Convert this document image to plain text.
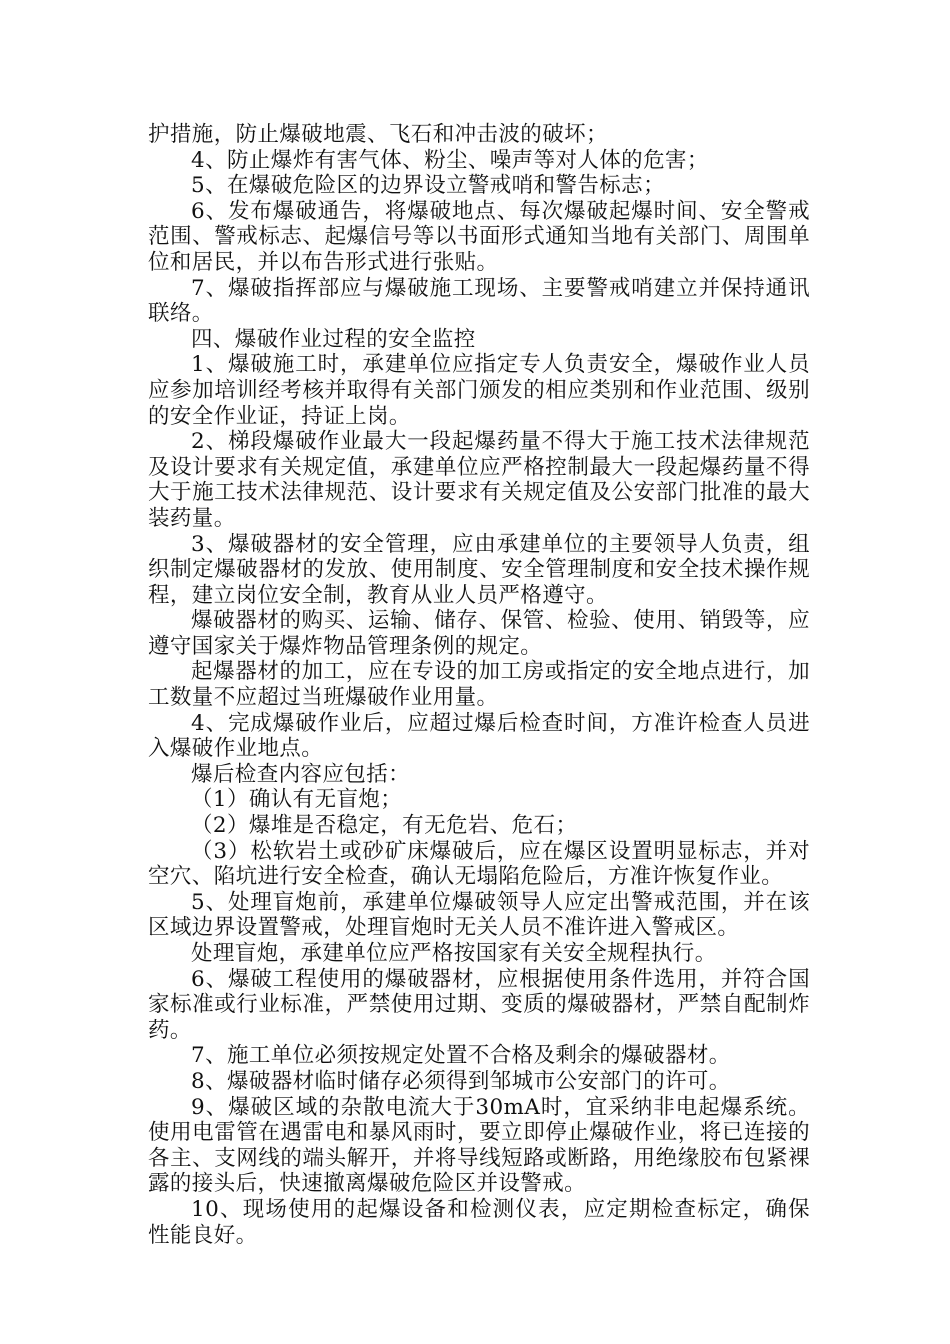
护措施，防止爆破地震、飞石和冲击波的破坏；

4、防止爆炸有害气体、粉尘、噪声等对人体的危害；

5、在爆破危险区的边界设立警戒哨和警告标志；

6、发布爆破通告，将爆破地点、每次爆破起爆时间、安全警戒范围、警戒标志、起爆信号等以书面形式通知当地有关部门、周围单位和居民，并以布告形式进行张贴。

7、爆破指挥部应与爆破施工现场、主要警戒哨建立并保持通讯联络。

四、爆破作业过程的安全监控

1、爆破施工时，承建单位应指定专人负责安全，爆破作业人员应参加培训经考核并取得有关部门颁发的相应类别和作业范围、级别的安全作业证，持证上岗。

2、梯段爆破作业最大一段起爆药量不得大于施工技术法律规范及设计要求有关规定值，承建单位应严格控制最大一段起爆药量不得大于施工技术法律规范、设计要求有关规定值及公安部门批准的最大装药量。

3、爆破器材的安全管理，应由承建单位的主要领导人负责，组织制定爆破器材的发放、使用制度、安全管理制度和安全技术操作规程，建立岗位安全制，教育从业人员严格遵守。

爆破器材的购买、运输、储存、保管、检验、使用、销毁等，应遵守国家关于爆炸物品管理条例的规定。

起爆器材的加工，应在专设的加工房或指定的安全地点进行，加工数量不应超过当班爆破作业用量。

4、完成爆破作业后，应超过爆后检查时间，方准许检查人员进入爆破作业地点。

爆后检查内容应包括：

（1）确认有无盲炮；

（2）爆堆是否稳定，有无危岩、危石；

（3）松软岩土或砂矿床爆破后，应在爆区设置明显标志，并对空穴、陷坑进行安全检查，确认无塌陷危险后，方准许恢复作业。

5、处理盲炮前，承建单位爆破领导人应定出警戒范围，并在该区域边界设置警戒，处理盲炮时无关人员不准许进入警戒区。

处理盲炮，承建单位应严格按国家有关安全规程执行。

6、爆破工程使用的爆破器材，应根据使用条件选用，并符合国家标准或行业标准，严禁使用过期、变质的爆破器材，严禁自配制炸药。

7、施工单位必须按规定处置不合格及剩余的爆破器材。

8、爆破器材临时储存必须得到邹城市公安部门的许可。

9、爆破区域的杂散电流大于30mA时，宜采纳非电起爆系统。使用电雷管在遇雷电和暴风雨时，要立即停止爆破作业，将已连接的各主、支网线的端头解开，并将导线短路或断路，用绝缘胶布包紧裸露的接头后，快速撤离爆破危险区并设警戒。

10、现场使用的起爆设备和检测仪表，应定期检查标定，确保性能良好。
